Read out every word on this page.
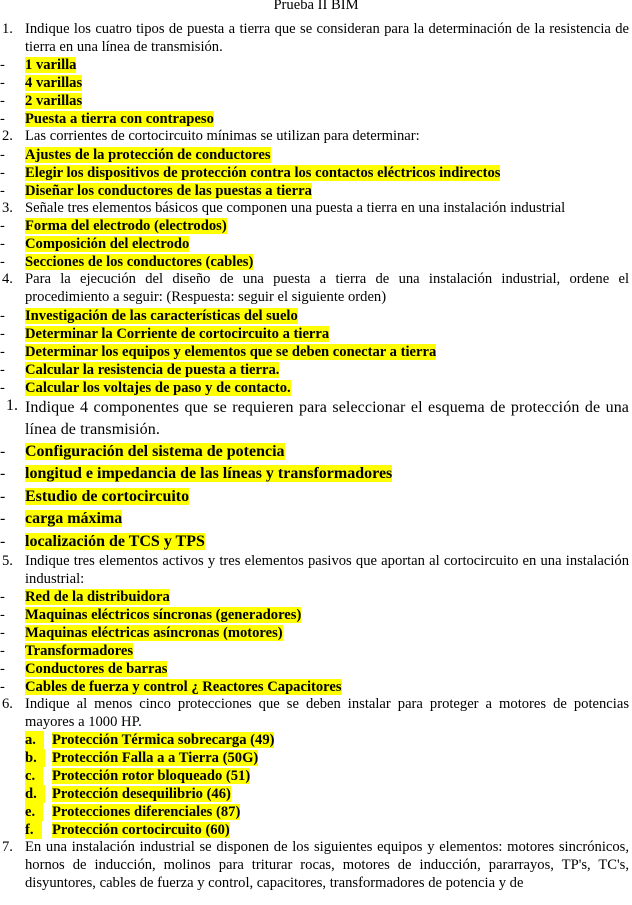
Prueba II BIM
1. Indique los cuatro tipos de puesta a tierra que se consideran para la determinación de la resistencia de tierra en una línea de transmisión.
- 1 varilla
- 4 varillas
- 2 varillas
- Puesta a tierra con contrapeso
2. Las corrientes de cortocircuito mínimas se utilizan para determinar:
- Ajustes de la protección de conductores
- Elegir los dispositivos de protección contra los contactos eléctricos indirectos
- Diseñar los conductores de las puestas a tierra
3. Señale tres elementos básicos que componen una puesta a tierra en una instalación industrial
- Forma del electrodo (electrodos)
- Composición del electrodo
- Secciones de los conductores (cables)
4. Para la ejecución del diseño de una puesta a tierra de una instalación industrial, ordene el procedimiento a seguir: (Respuesta: seguir el siguiente orden)
- Investigación de las características del suelo
- Determinar la Corriente de cortocircuito a tierra
- Determinar los equipos y elementos que se deben conectar a tierra
- Calcular la resistencia de puesta a tierra.
- Calcular los voltajes de paso y de contacto.
1. Indique 4 componentes que se requieren para seleccionar el esquema de protección de una línea de transmisión.
- Configuración del sistema de potencia
- longitud e impedancia de las líneas y transformadores
- Estudio de cortocircuito
- carga máxima
- localización de TCS y TPS
5. Indique tres elementos activos y tres elementos pasivos que aportan al cortocircuito en una instalación industrial:
- Red de la distribuidora
- Maquinas eléctricos síncronas (generadores)
- Maquinas eléctricas asíncronas (motores)
- Transformadores
- Conductores de barras
- Cables de fuerza y control ¿ Reactores Capacitores
6. Indique al menos cinco protecciones que se deben instalar para proteger a motores de potencias mayores a 1000 HP.
a.	Protección Térmica sobrecarga (49)
b.	Protección Falla a a Tierra (50G)
c.	Protección rotor bloqueado (51)
d.	Protección desequilibrio (46)
e.	Protecciones diferenciales (87)
f.	Protección cortocircuito (60)
7. En una instalación industrial se disponen de los siguientes equipos y elementos: motores sincrónicos, hornos de inducción, molinos para triturar rocas, motores de inducción, pararrayos, TP's, TC's, disyuntores, cables de fuerza y control, capacitores, transformadores de potencia y de
